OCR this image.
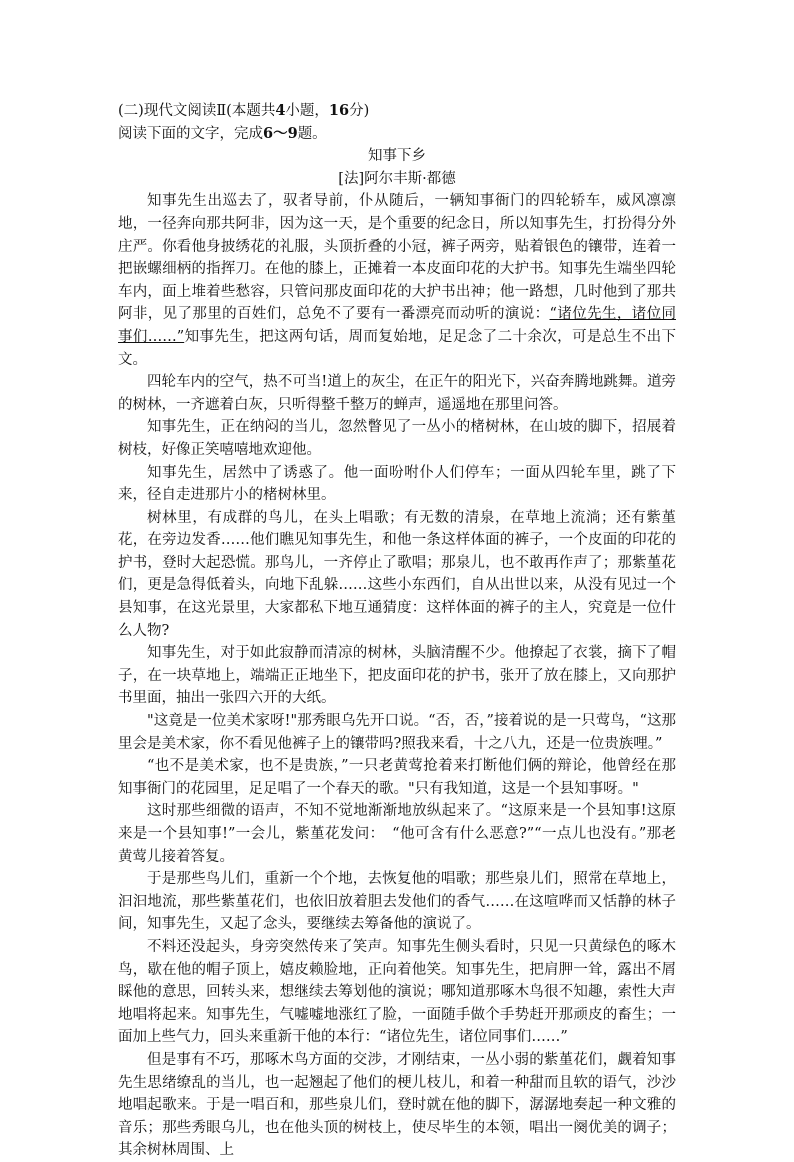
(二)现代文阅读Ⅱ(本题共4小题，16分)

阅读下面的文字，完成6～9题。

知事下乡

[法]阿尔丰斯·都德

知事先生出巡去了，驭者导前，仆从随后，一辆知事衙门的四轮轿车，威风凛凛地，一径奔向那共阿非，因为这一天，是个重要的纪念日，所以知事先生，打扮得分外庄严。你看他身披绣花的礼服，头顶折叠的小冠，裤子两旁，贴着银色的镶带，连着一把嵌螺细柄的指挥刀。在他的膝上，正摊着一本皮面印花的大护书。知事先生端坐四轮车内，面上堆着些愁容，只管问那皮面印花的大护书出神；他一路想，几时他到了那共阿非，见了那里的百姓们，总免不了要有一番漂亮而动听的演说：“诸位先生，诸位同事们……”知事先生，把这两句话，周而复始地，足足念了二十余次，可是总生不出下文。

四轮车内的空气，热不可当!道上的灰尘，在正午的阳光下，兴奋奔腾地跳舞。道旁的树林，一齐遮着白灰，只听得整千整万的蝉声，遥遥地在那里问答。

知事先生，正在纳闷的当儿，忽然瞥见了一丛小的楮树林，在山坡的脚下，招展着树枝，好像正笑嘻嘻地欢迎他。

知事先生，居然中了诱惑了。他一面吩咐仆人们停车；一面从四轮车里，跳了下来，径自走进那片小的楮树林里。

树林里，有成群的鸟儿，在头上唱歌；有无数的清泉，在草地上流淌；还有紫堇花，在旁边发香……他们瞧见知事先生，和他一条这样体面的裤子，一个皮面的印花的护书，登时大起恐慌。那鸟儿，一齐停止了歌唱；那泉儿，也不敢再作声了；那紫堇花们，更是急得低着头，向地下乱躲……这些小东西们，自从出世以来，从没有见过一个县知事，在这光景里，大家都私下地互通猜度：这样体面的裤子的主人，究竟是一位什么人物?

知事先生，对于如此寂静而清凉的树林，头脑清醒不少。他撩起了衣裳，摘下了帽子，在一块草地上，端端正正地坐下，把皮面印花的护书，张开了放在膝上，又向那护书里面，抽出一张四六开的大纸。

"这竟是一位美术家呀!"那秀眼乌先开口说。“否，否，”接着说的是一只莺鸟，“这那里会是美术家，你不看见他裤子上的镶带吗?照我来看，十之八九，还是一位贵族哩。”

“也不是美术家，也不是贵族，”一只老黄莺抢着来打断他们俩的辩论，他曾经在那知事衙门的花园里，足足唱了一个春天的歌。"只有我知道，这是一个县知事呀。"

这时那些细微的语声，不知不觉地渐渐地放纵起来了。“这原来是一个县知事!这原来是一个县知事!”一会儿，紫堇花发问：　 “他可含有什么恶意?”“一点儿也没有。”那老黄莺儿接着答复。

于是那些鸟儿们，重新一个个地，去恢复他的唱歌；那些泉儿们，照常在草地上，汩汩地流，那些紫堇花们，也依旧放着胆去发他们的香气……在这喧哗而又恬静的林子间，知事先生，又起了念头，要继续去筹备他的演说了。

不料还没起头，身旁突然传来了笑声。知事先生侧头看时，只见一只黄绿色的啄木鸟，歇在他的帽子顶上，嬉皮赖脸地，正向着他笑。知事先生，把肩胛一耸，露出不屑睬他的意思，回转头来，想继续去筹划他的演说；哪知道那啄木鸟很不知趣，索性大声地唱将起来。知事先生，气嘘嘘地涨红了脸，一面随手做个手势赶开那顽皮的畜生；一面加上些气力，回头来重新干他的本行：“诸位先生，诸位同事们……”

但是事有不巧，那啄木鸟方面的交涉，才刚结束，一丛小弱的紫堇花们，觑着知事先生思绪缭乱的当儿，也一起翘起了他们的梗儿枝儿，和着一种甜而且软的语气，沙沙地唱起歌来。于是一唱百和，那些泉儿们，登时就在他的脚下，潺潺地奏起一种文雅的音乐；那些秀眼乌儿，也在他头顶的树枝上，使尽毕生的本领，唱出一阕优美的调子；其余树林周围、上
